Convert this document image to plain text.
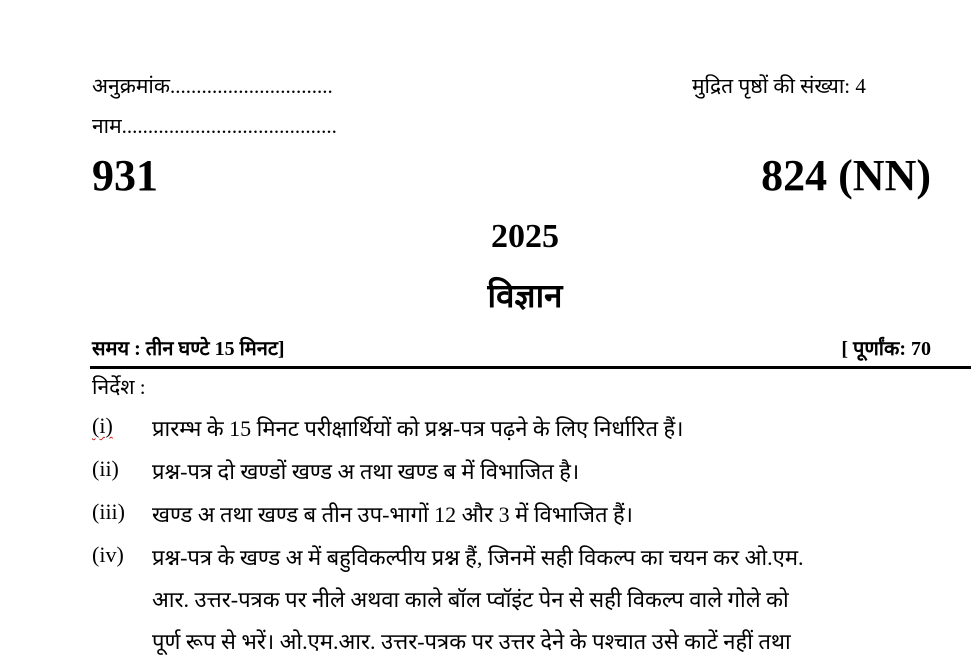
अनुक्रमांक...............................	मुद्रित पृष्ठों की संख्या: 4
नाम.........................................
931	824 (NN)
2025
विज्ञान
समय : तीन घण्टे 15 मिनट]	[ पूर्णांक: 70
निर्देश :
(i) प्रारम्भ के 15 मिनट परीक्षार्थियों को प्रश्न-पत्र पढ़ने के लिए निर्धारित हैं।
(ii) प्रश्न-पत्र दो खण्डों खण्ड अ तथा खण्ड ब में विभाजित है।
(iii) खण्ड अ तथा खण्ड ब तीन उप-भागों 12 और 3 में विभाजित हैं।
(iv) प्रश्न-पत्र के खण्ड अ में बहुविकल्पीय प्रश्न हैं, जिनमें सही विकल्प का चयन कर ओ.एम.
आर. उत्तर-पत्रक पर नीले अथवा काले बॉल प्वॉइंट पेन से सही विकल्प वाले गोले को
पूर्ण रूप से भरें। ओ.एम.आर. उत्तर-पत्रक पर उत्तर देने के पश्चात उसे काटें नहीं तथा
